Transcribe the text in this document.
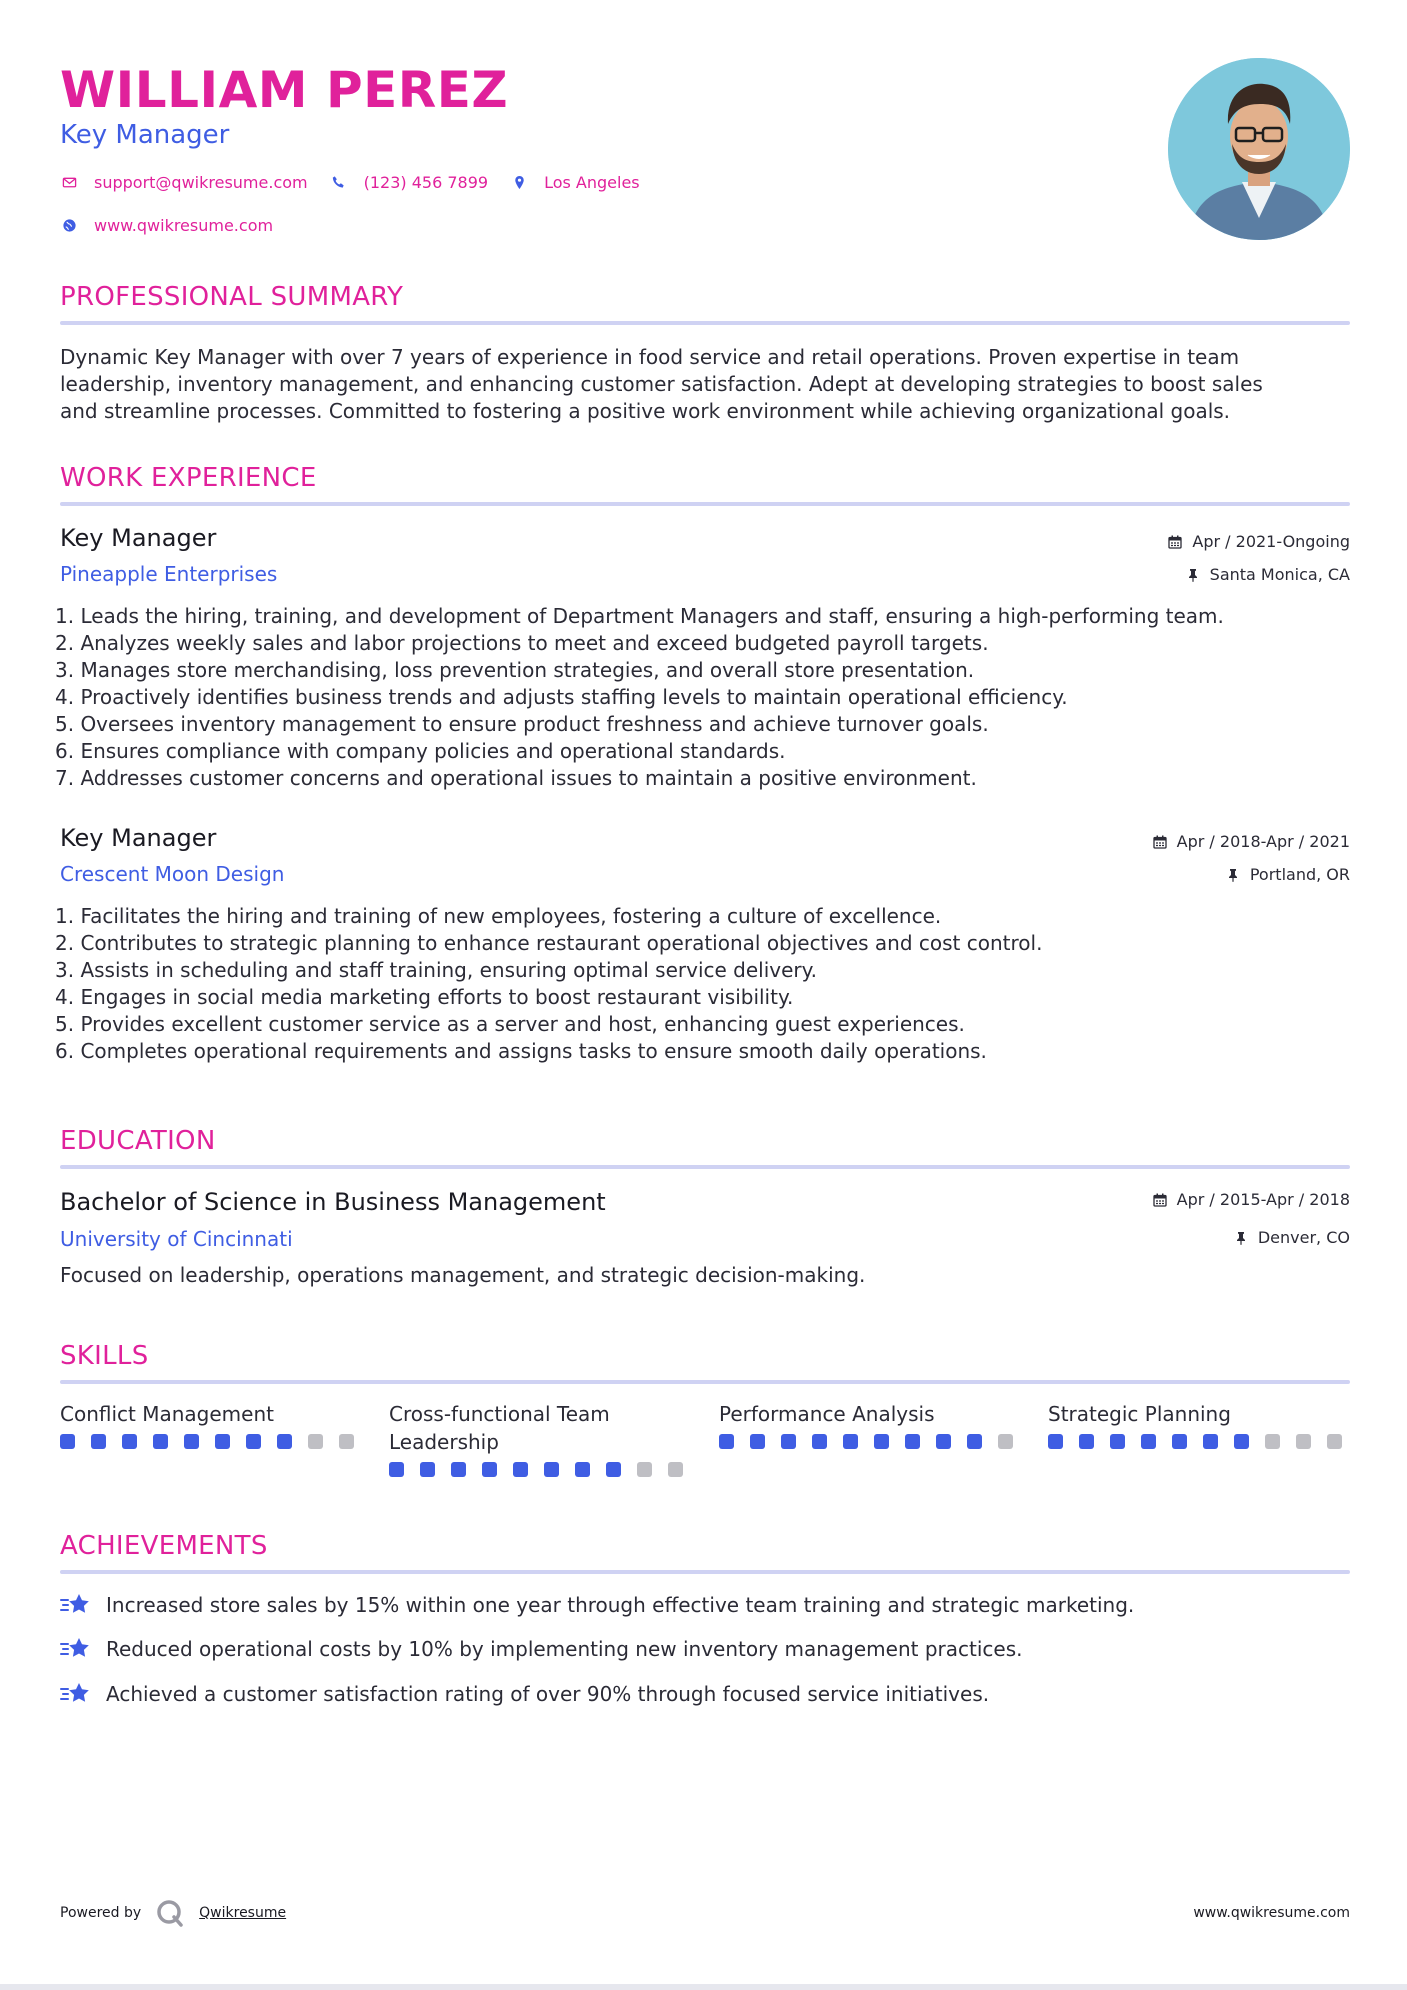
WILLIAM PEREZ
Key Manager
support@qwikresume.com	(123) 456 7899	Los Angeles
www.qwikresume.com
PROFESSIONAL SUMMARY
Dynamic Key Manager with over 7 years of experience in food service and retail operations. Proven expertise in team
leadership, inventory management, and enhancing customer satisfaction. Adept at developing strategies to boost sales
and streamline processes. Committed to fostering a positive work environment while achieving organizational goals.
WORK EXPERIENCE
Key Manager
Pineapple Enterprises
Apr / 2021-Ongoing
Santa Monica, CA
1. Leads the hiring, training, and development of Department Managers and staff, ensuring a high-performing team.
2. Analyzes weekly sales and labor projections to meet and exceed budgeted payroll targets.
3. Manages store merchandising, loss prevention strategies, and overall store presentation.
4. Proactively identifies business trends and adjusts staffing levels to maintain operational efficiency.
5. Oversees inventory management to ensure product freshness and achieve turnover goals.
6. Ensures compliance with company policies and operational standards.
7. Addresses customer concerns and operational issues to maintain a positive environment.
Key Manager
Crescent Moon Design
Apr / 2018-Apr / 2021
Portland, OR
1. Facilitates the hiring and training of new employees, fostering a culture of excellence.
2. Contributes to strategic planning to enhance restaurant operational objectives and cost control.
3. Assists in scheduling and staff training, ensuring optimal service delivery.
4. Engages in social media marketing efforts to boost restaurant visibility.
5. Provides excellent customer service as a server and host, enhancing guest experiences.
6. Completes operational requirements and assigns tasks to ensure smooth daily operations.
EDUCATION
Bachelor of Science in Business Management
University of Cincinnati
Apr / 2015-Apr / 2018
Denver, CO
Focused on leadership, operations management, and strategic decision-making.
SKILLS
Conflict Management	Cross-functional Team
Leadership
Performance Analysis	Strategic Planning
ACHIEVEMENTS
Increased store sales by 15% within one year through effective team training and strategic marketing.
Reduced operational costs by 10% by implementing new inventory management practices.
Achieved a customer satisfaction rating of over 90% through focused service initiatives.
Powered by	Qwikresume	www.qwikresume.com
